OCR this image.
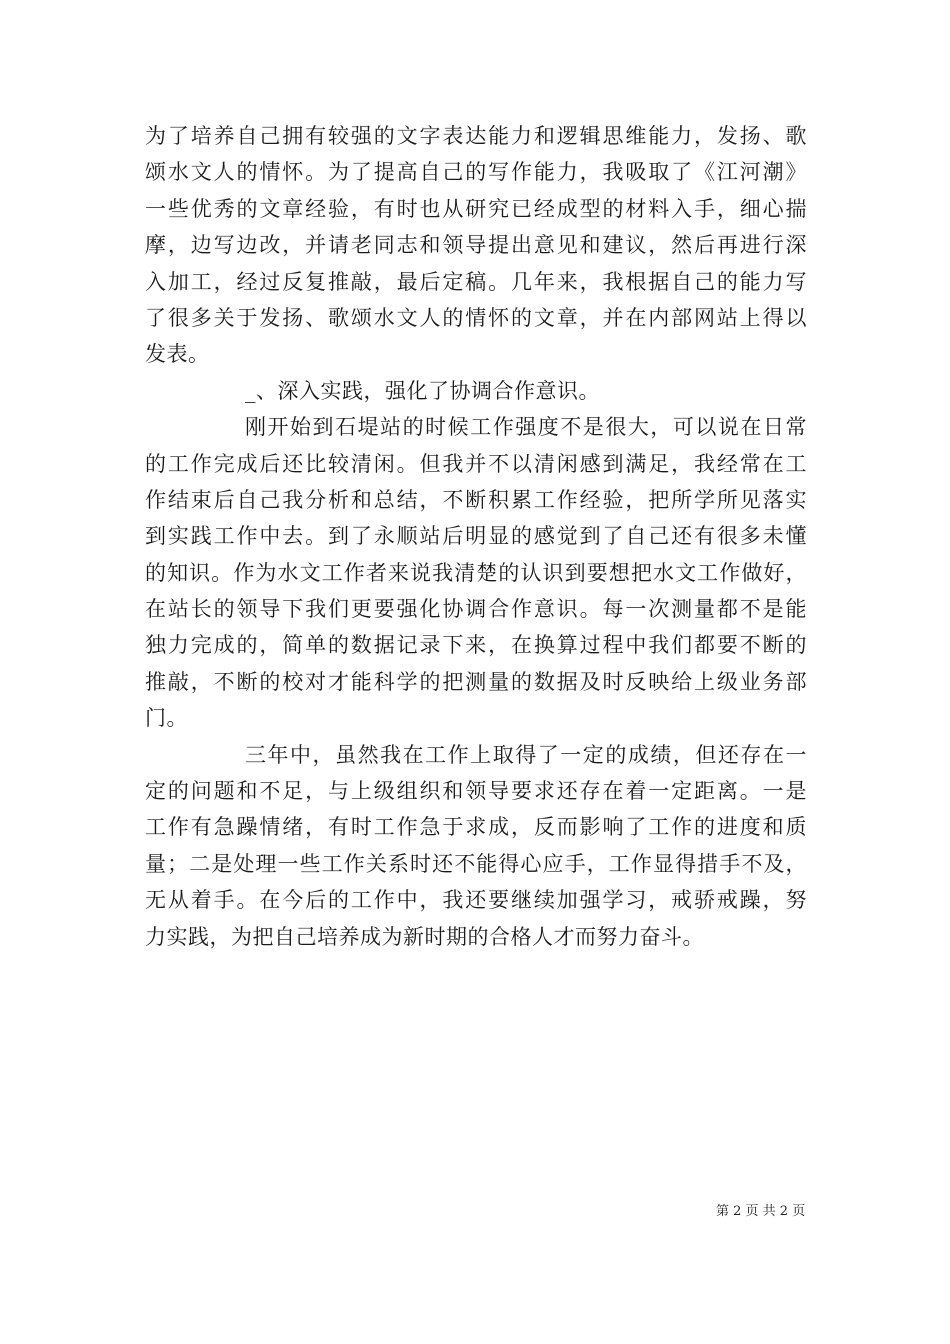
为了培养自己拥有较强的文字表达能力和逻辑思维能力，发扬、歌
颂水文人的情怀。为了提高自己的写作能力，我吸取了《江河潮》
一些优秀的文章经验，有时也从研究已经成型的材料入手，细心揣
摩，边写边改，并请老同志和领导提出意见和建议，然后再进行深
入加工，经过反复推敲，最后定稿。几年来，我根据自己的能力写
了很多关于发扬、歌颂水文人的情怀的文章，并在内部网站上得以
发表。
_、深入实践，强化了协调合作意识。
刚开始到石堤站的时候工作强度不是很大，可以说在日常
的工作完成后还比较清闲。但我并不以清闲感到满足，我经常在工
作结束后自己我分析和总结，不断积累工作经验，把所学所见落实
到实践工作中去。到了永顺站后明显的感觉到了自己还有很多未懂
的知识。作为水文工作者来说我清楚的认识到要想把水文工作做好，
在站长的领导下我们更要强化协调合作意识。每一次测量都不是能
独力完成的，简单的数据记录下来，在换算过程中我们都要不断的
推敲，不断的校对才能科学的把测量的数据及时反映给上级业务部
门。
三年中，虽然我在工作上取得了一定的成绩，但还存在一
定的问题和不足，与上级组织和领导要求还存在着一定距离。一是
工作有急躁情绪，有时工作急于求成，反而影响了工作的进度和质
量；二是处理一些工作关系时还不能得心应手，工作显得措手不及，
无从着手。在今后的工作中，我还要继续加强学习，戒骄戒躁，努
力实践，为把自己培养成为新时期的合格人才而努力奋斗。
第 2 页 共 2 页
